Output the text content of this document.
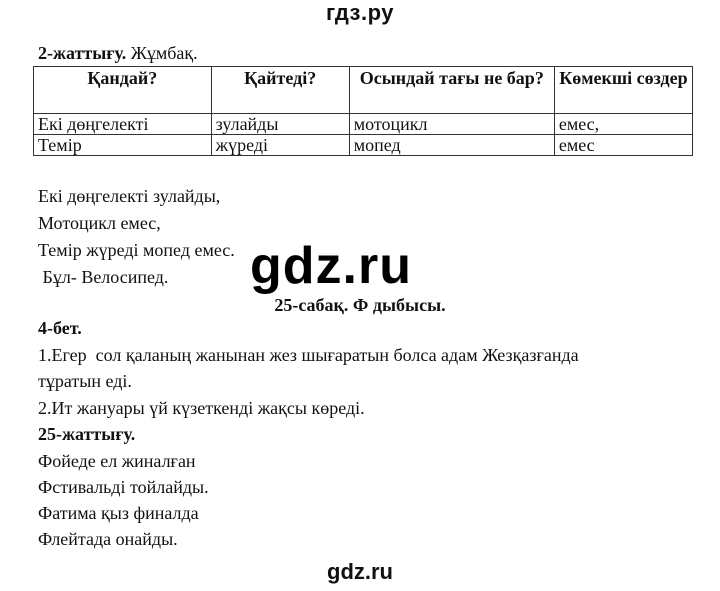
гдз.ру
2-жаттығу. Жұмбақ.
Қандай?	Қайтеді?	Осындай тағы не бар?	Көмекші сөздер
Екі дөңгелекті	зулайды	мотоцикл	емес,
Темір	жүреді	мопед	емес
Екі дөңгелекті зулайды,
Мотоцикл емес,
Темір жүреді мопед емес.
Бұл- Велосипед. gdz.ru
25-сабақ. Ф дыбысы.
4-бет.
1.Егер  сол қаланың жанынан жез шығаратын болса адам Жезқазғанда
тұратын еді.
2.Ит жануары үй күзеткенді жақсы көреді.
25-жаттығу.
Фойеде ел жиналған
Фстивальді тойлайды.
Фатима қыз финалда
Флейтада онайды.
gdz.ru
